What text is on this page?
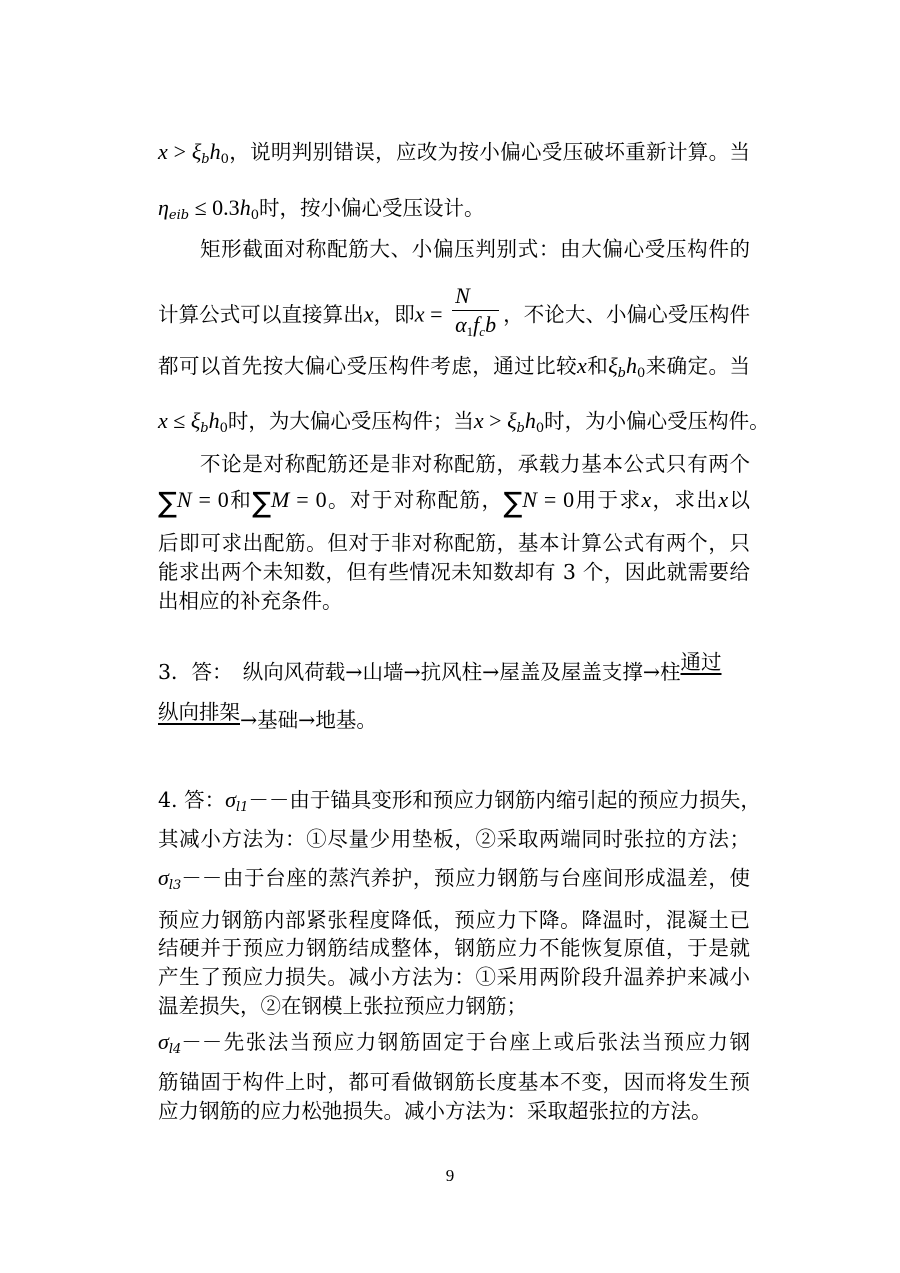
$x > \xi_bh0$，说明判别错误，应改为按小偏心受压破坏重新计算。当
$\eta_{eib} \le 0.3h0$时，按小偏心受压设计。
矩形截面对称配筋大、小偏压判别式：由大偏心受压构件的
计算公式可以直接算出x，即$x = \frac{N}{\alpha 1f_cb}$ ，不论大、小偏心受压构件
都可以首先按大偏心受压构件考虑，通过比较x和$\xi_bh0$来确定。当
$x \le \xi_bh0$时，为大偏心受压构件；当$x > \xi_bh0$时，为小偏心受压构件。
不论是对称配筋还是非对称配筋，承载力基本公式只有两个
∑N = 0和∑M = 0。对于对称配筋，∑N = 0用于求x，求出x以
后即可求出配筋。但对于非对称配筋，基本计算公式有两个，只
能求出两个未知数，但有些情况未知数却有 3 个，因此就需要给
出相应的补充条件。
3．答：　纵向风荷载→山墙→抗风柱→屋盖及屋盖支撑→柱通过
纵向排架→基础→地基。
4. 答：$\sigma_{l1}--$由于锚具变形和预应力钢筋内缩引起的预应力损失，
其减小方法为：①尽量少用垫板，②采取两端同时张拉的方法；
$\sigma_{l3}--$由于台座的蒸汽养护，预应力钢筋与台座间形成温差，使
预应力钢筋内部紧张程度降低，预应力下降。降温时，混凝土已
结硬并于预应力钢筋结成整体，钢筋应力不能恢复原值，于是就
产生了预应力损失。减小方法为：①采用两阶段升温养护来减小
温差损失，②在钢模上张拉预应力钢筋；
$\sigma_{l4}--$先张法当预应力钢筋固定于台座上或后张法当预应力钢
筋锚固于构件上时，都可看做钢筋长度基本不变，因而将发生预
应力钢筋的应力松弛损失。减小方法为：采取超张拉的方法。
9
